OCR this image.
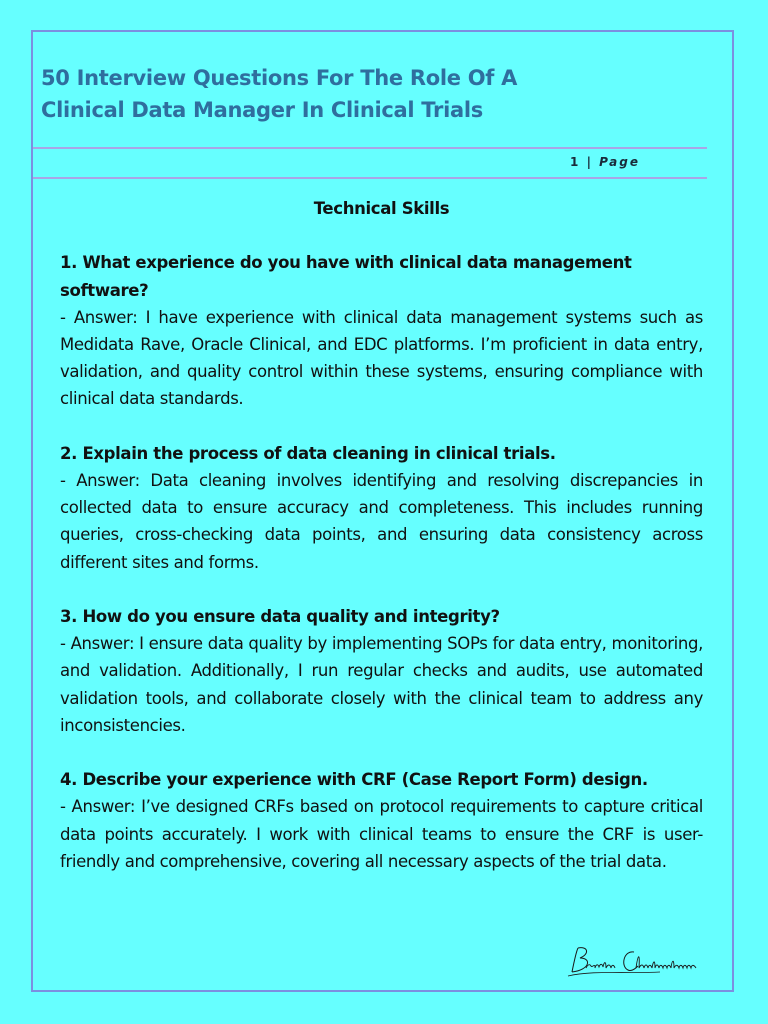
50 Interview Questions For The Role Of A
Clinical Data Manager In Clinical Trials
1 | Page

Technical Skills

1. What experience do you have with clinical data management software?

- Answer: I have experience with clinical data management systems such as Medidata Rave, Oracle Clinical, and EDC platforms. I’m proficient in data entry, validation, and quality control within these systems, ensuring compliance with clinical data standards.

2. Explain the process of data cleaning in clinical trials.

- Answer: Data cleaning involves identifying and resolving discrepancies in collected data to ensure accuracy and completeness. This includes running queries, cross-checking data points, and ensuring data consistency across different sites and forms.

3. How do you ensure data quality and integrity?

- Answer: I ensure data quality by implementing SOPs for data entry, monitoring, and validation. Additionally, I run regular checks and audits, use automated validation tools, and collaborate closely with the clinical team to address any inconsistencies.

4. Describe your experience with CRF (Case Report Form) design.

- Answer: I’ve designed CRFs based on protocol requirements to capture critical data points accurately. I work with clinical teams to ensure the CRF is user-friendly and comprehensive, covering all necessary aspects of the trial data.
